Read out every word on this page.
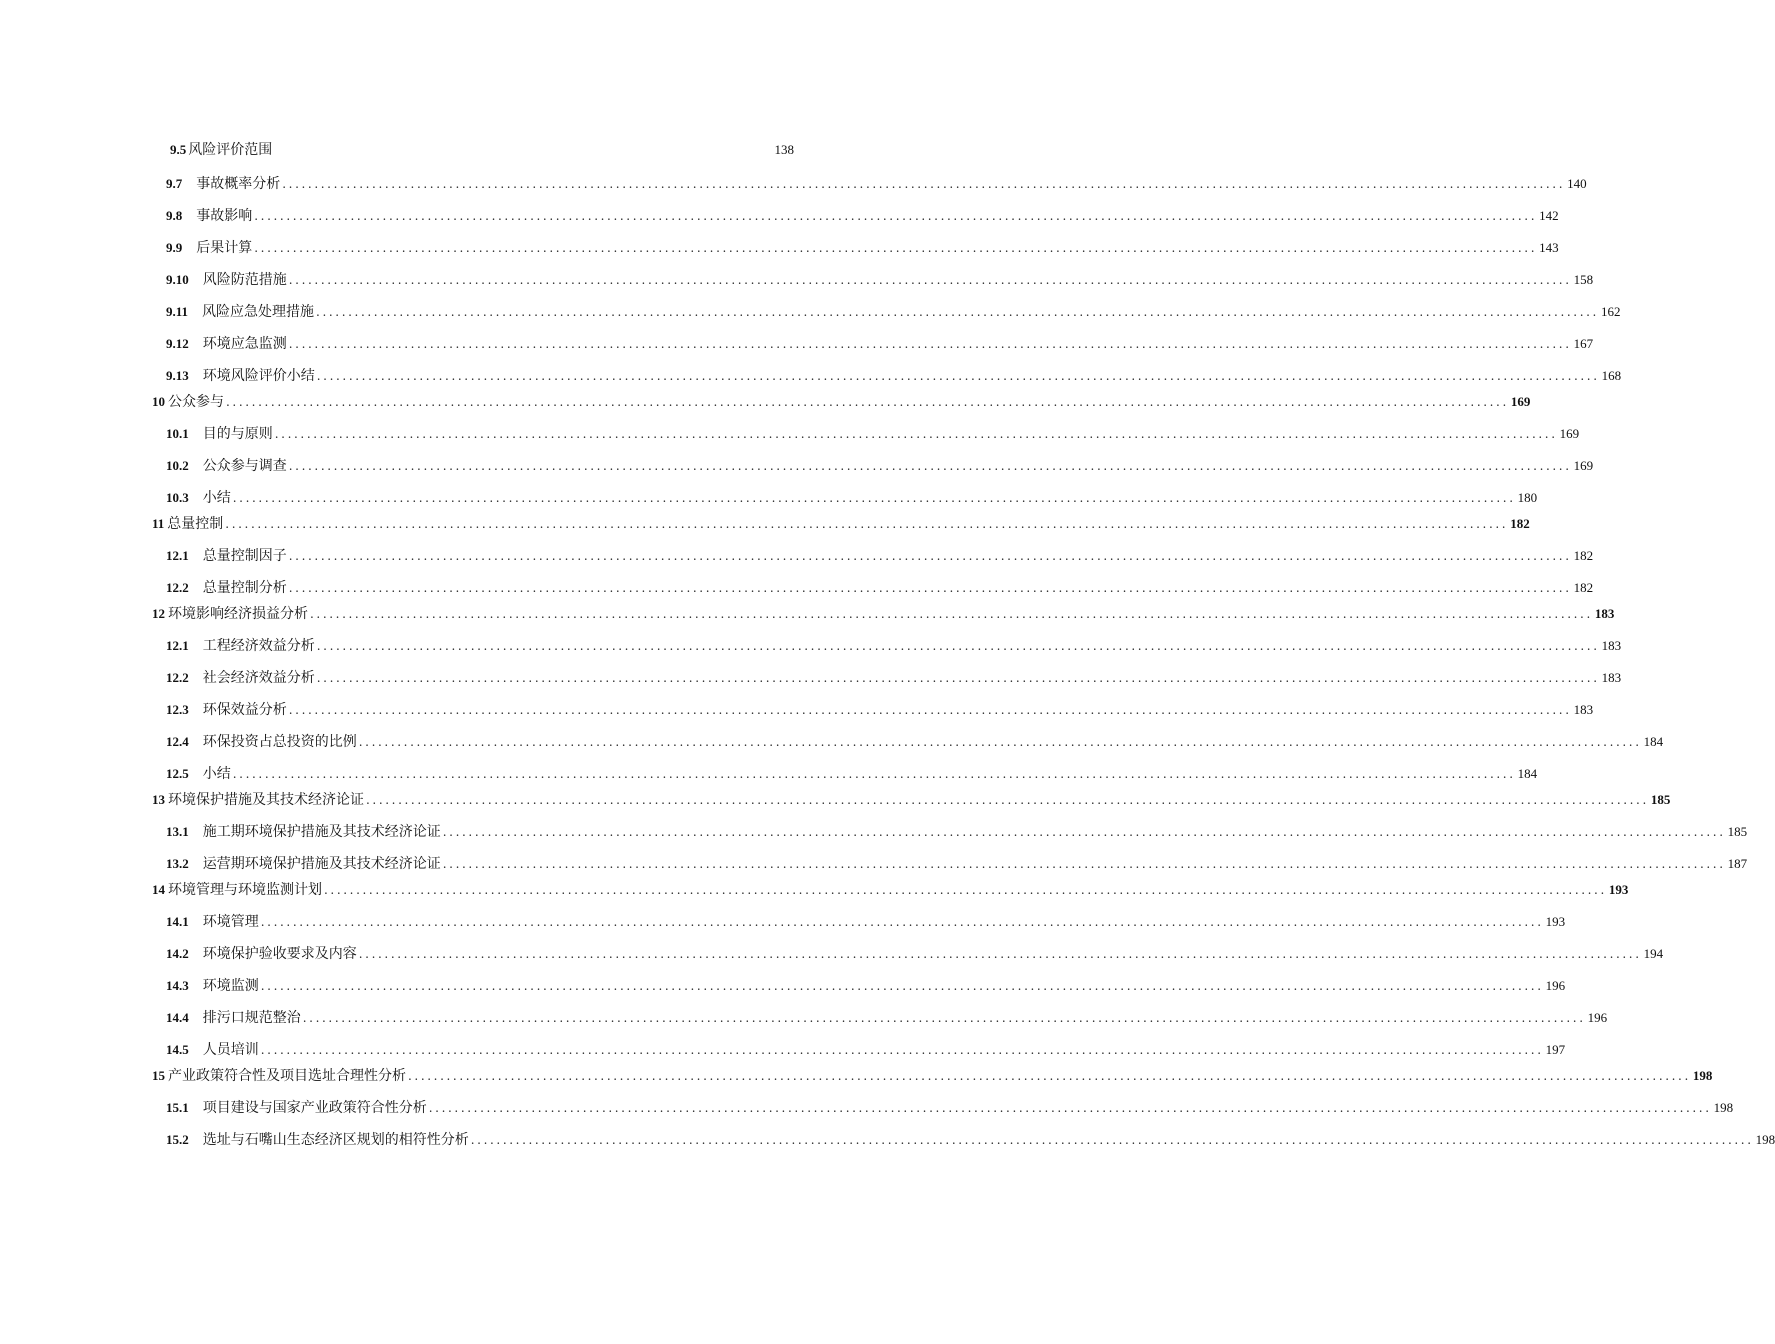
9.5 风险评价范围	138
9.7 事故概率分析 ........................................................................................................................................................................................................ 140
9.8 事故影响 ........................................................................................................................................................................................................ 142
9.9 后果计算 ........................................................................................................................................................................................................ 143
9.10 风险防范措施 ........................................................................................................................................................................................................ 158
9.11 风险应急处理措施 ........................................................................................................................................................................................................ 162
9.12 环境应急监测 ........................................................................................................................................................................................................ 167
9.13 环境风险评价小结 ........................................................................................................................................................................................................ 168
10 公众参与 ........................................................................................................................................................................................................ 169
10.1 目的与原则 ........................................................................................................................................................................................................ 169
10.2 公众参与调查 ........................................................................................................................................................................................................ 169
10.3 小结 ........................................................................................................................................................................................................ 180
11 总量控制 ........................................................................................................................................................................................................ 182
12.1 总量控制因子 ........................................................................................................................................................................................................ 182
12.2 总量控制分析 ........................................................................................................................................................................................................ 182
12 环境影响经济损益分析 ........................................................................................................................................................................................................ 183
12.1 工程经济效益分析 ........................................................................................................................................................................................................ 183
12.2 社会经济效益分析 ........................................................................................................................................................................................................ 183
12.3 环保效益分析 ........................................................................................................................................................................................................ 183
12.4 环保投资占总投资的比例 ........................................................................................................................................................................................................ 184
12.5 小结 ........................................................................................................................................................................................................ 184
13 环境保护措施及其技术经济论证 ........................................................................................................................................................................................................ 185
13.1 施工期环境保护措施及其技术经济论证 ........................................................................................................................................................................................................ 185
13.2 运营期环境保护措施及其技术经济论证 ........................................................................................................................................................................................................ 187
14 环境管理与环境监测计划 ........................................................................................................................................................................................................ 193
14.1 环境管理 ........................................................................................................................................................................................................ 193
14.2 环境保护验收要求及内容 ........................................................................................................................................................................................................ 194
14.3 环境监测 ........................................................................................................................................................................................................ 196
14.4 排污口规范整治 ........................................................................................................................................................................................................ 196
14.5 人员培训 ........................................................................................................................................................................................................ 197
15 产业政策符合性及项目选址合理性分析 ........................................................................................................................................................................................................ 198
15.1 项目建设与国家产业政策符合性分析 ........................................................................................................................................................................................................ 198
15.2 选址与石嘴山生态经济区规划的相符性分析 ........................................................................................................................................................................................................ 198
